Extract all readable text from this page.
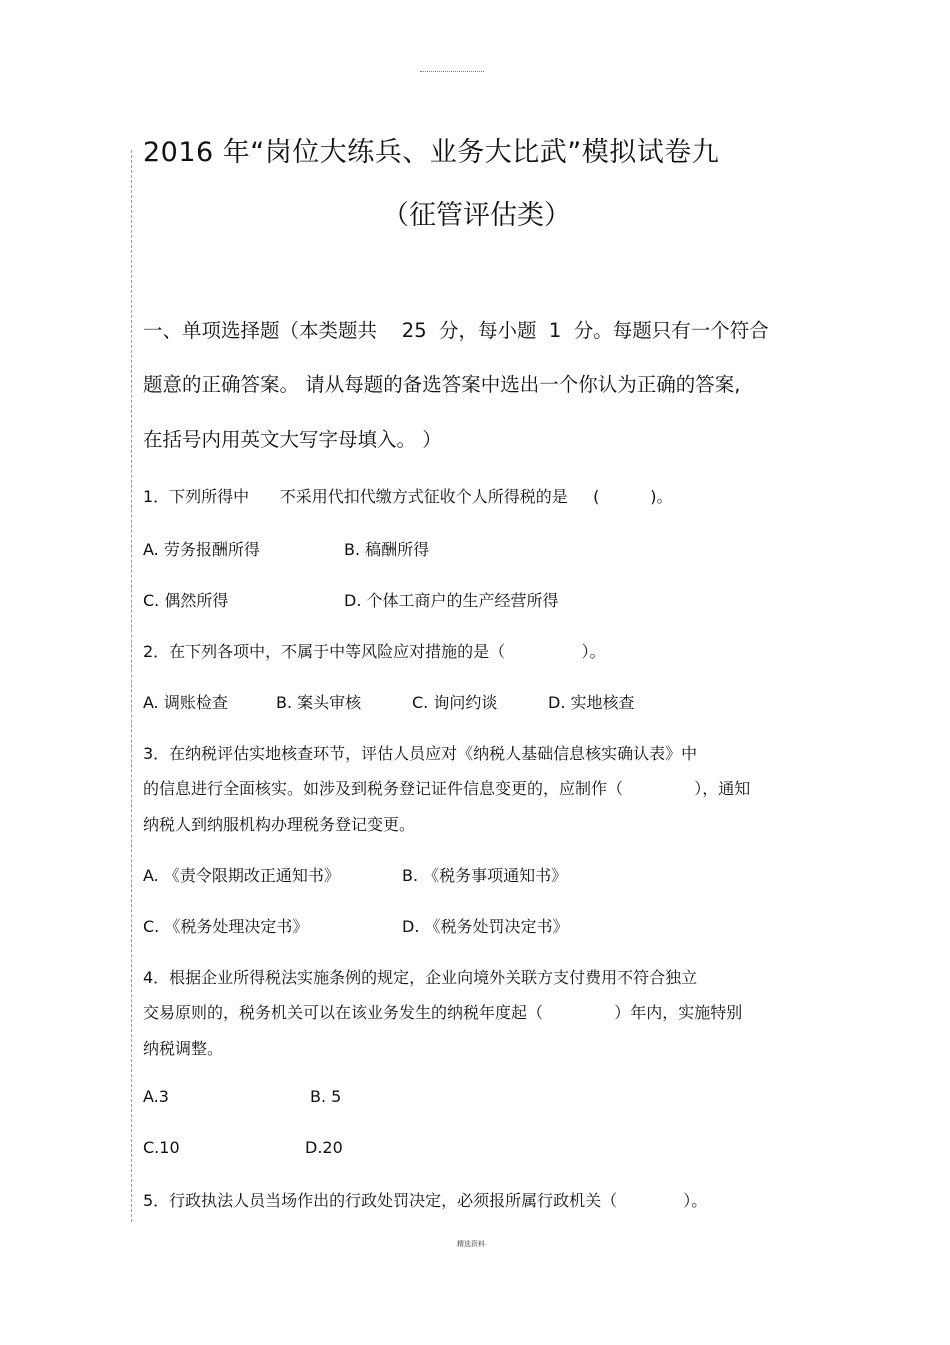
2016 年“岗位大练兵、业务大比武”模拟试卷九
（征管评估类）
一、单项选择题（本类题共    25  分，每小题  1  分。每题只有一个符合
题意的正确答案。 请从每题的备选答案中选出一个你认为正确的答案,
在括号内用英文大写字母填入。 ）
1．下列所得中      不采用代扣代缴方式征收个人所得税的是     (          )。
A. 劳务报酬所得	B. 稿酬所得
C. 偶然所得	D. 个体工商户的生产经营所得
2．在下列各项中，不属于中等风险应对措施的是（               ）。
A. 调账检查	B. 案头审核	C. 询问约谈	D. 实地核查
3．在纳税评估实地核查环节，评估人员应对《纳税人基础信息核实确认表》中
的信息进行全面核实。如涉及到税务登记证件信息变更的，应制作（              ），通知
纳税人到纳服机构办理税务登记变更。
A. 《责令限期改正通知书》	B. 《税务事项通知书》
C. 《税务处理决定书》	D. 《税务处罚决定书》
4．根据企业所得税法实施条例的规定，企业向境外关联方支付费用不符合独立
交易原则的，税务机关可以在该业务发生的纳税年度起（              ）年内，实施特别
纳税调整。
A.3	B. 5
C.10	D.20
5．行政执法人员当场作出的行政处罚决定，必须报所属行政机关（             ）。
精选资料
